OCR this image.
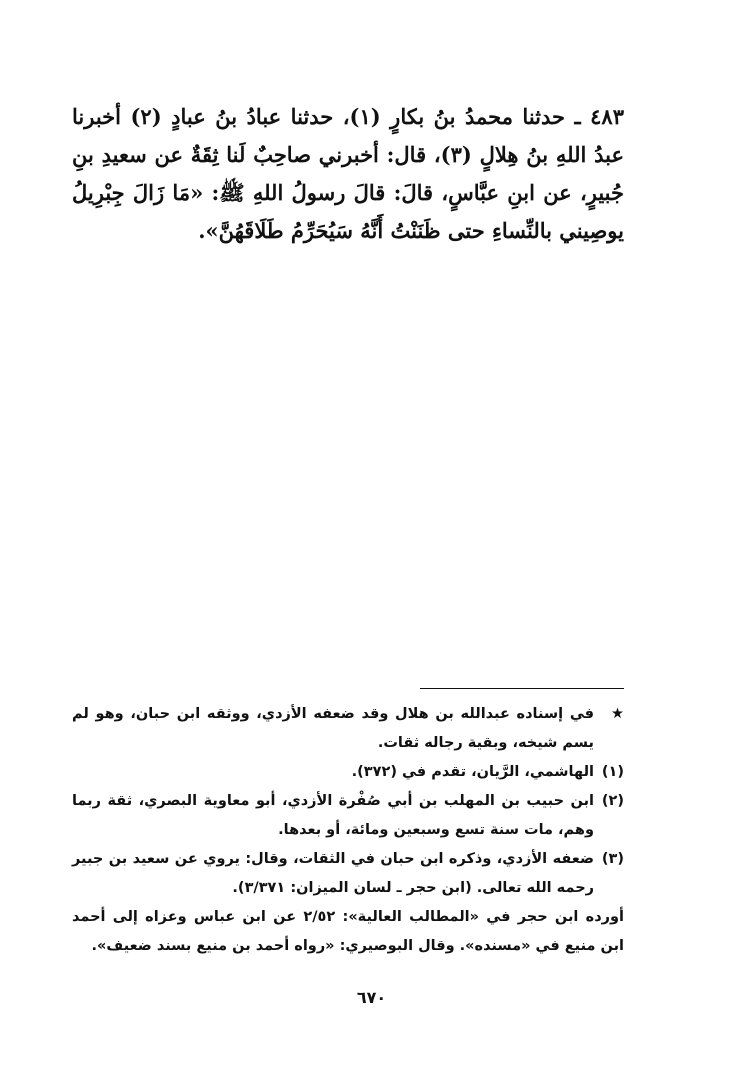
٤٨٣ ـ حدثنا محمدُ بنُ بكارٍ (١)، حدثنا عبادُ بنُ عبادٍ (٢) أخبرنا عبدُ اللهِ بنُ هِلالٍ (٣)، قال: أخبرني صاحِبٌ لَنا ثِقَةٌ عن سعيدِ بنِ جُبيرٍ، عن ابنِ عبَّاسٍ، قالَ: قالَ رسولُ اللهِ ﷺ: «مَا زَالَ جِبْرِيلُ يوصِيني بالنِّساءِ حتى ظَنَنْتُ أَنَّهُ سَيُحَرِّمُ طَلَاقَهُنَّ».

★
في إسناده عبدالله بن هلال وقد ضعفه الأزدي، ووثقه ابن حبان، وهو لم يسم شيخه، وبقية رجاله ثقات.
(١)
الهاشمي، الرَّيان، تقدم في (٣٧٢).
(٢)
ابن حبيب بن المهلب بن أبي صُفْرة الأزدي، أبو معاوية البصري، ثقة ربما وهم، مات سنة تسع وسبعين ومائة، أو بعدها.
(٣)
ضعفه الأزدي، وذكره ابن حبان في الثقات، وقال: يروي عن سعيد بن جبير رحمه الله تعالى. (ابن حجر ـ لسان الميزان: ٣/٣٧١).
أورده ابن حجر في «المطالب العالية»: ٢/٥٢ عن ابن عباس وعزاه إلى أحمد ابن منيع في «مسنده». وقال البوصيري: «رواه أحمد بن منيع بسند ضعيف».
٦٧٠
